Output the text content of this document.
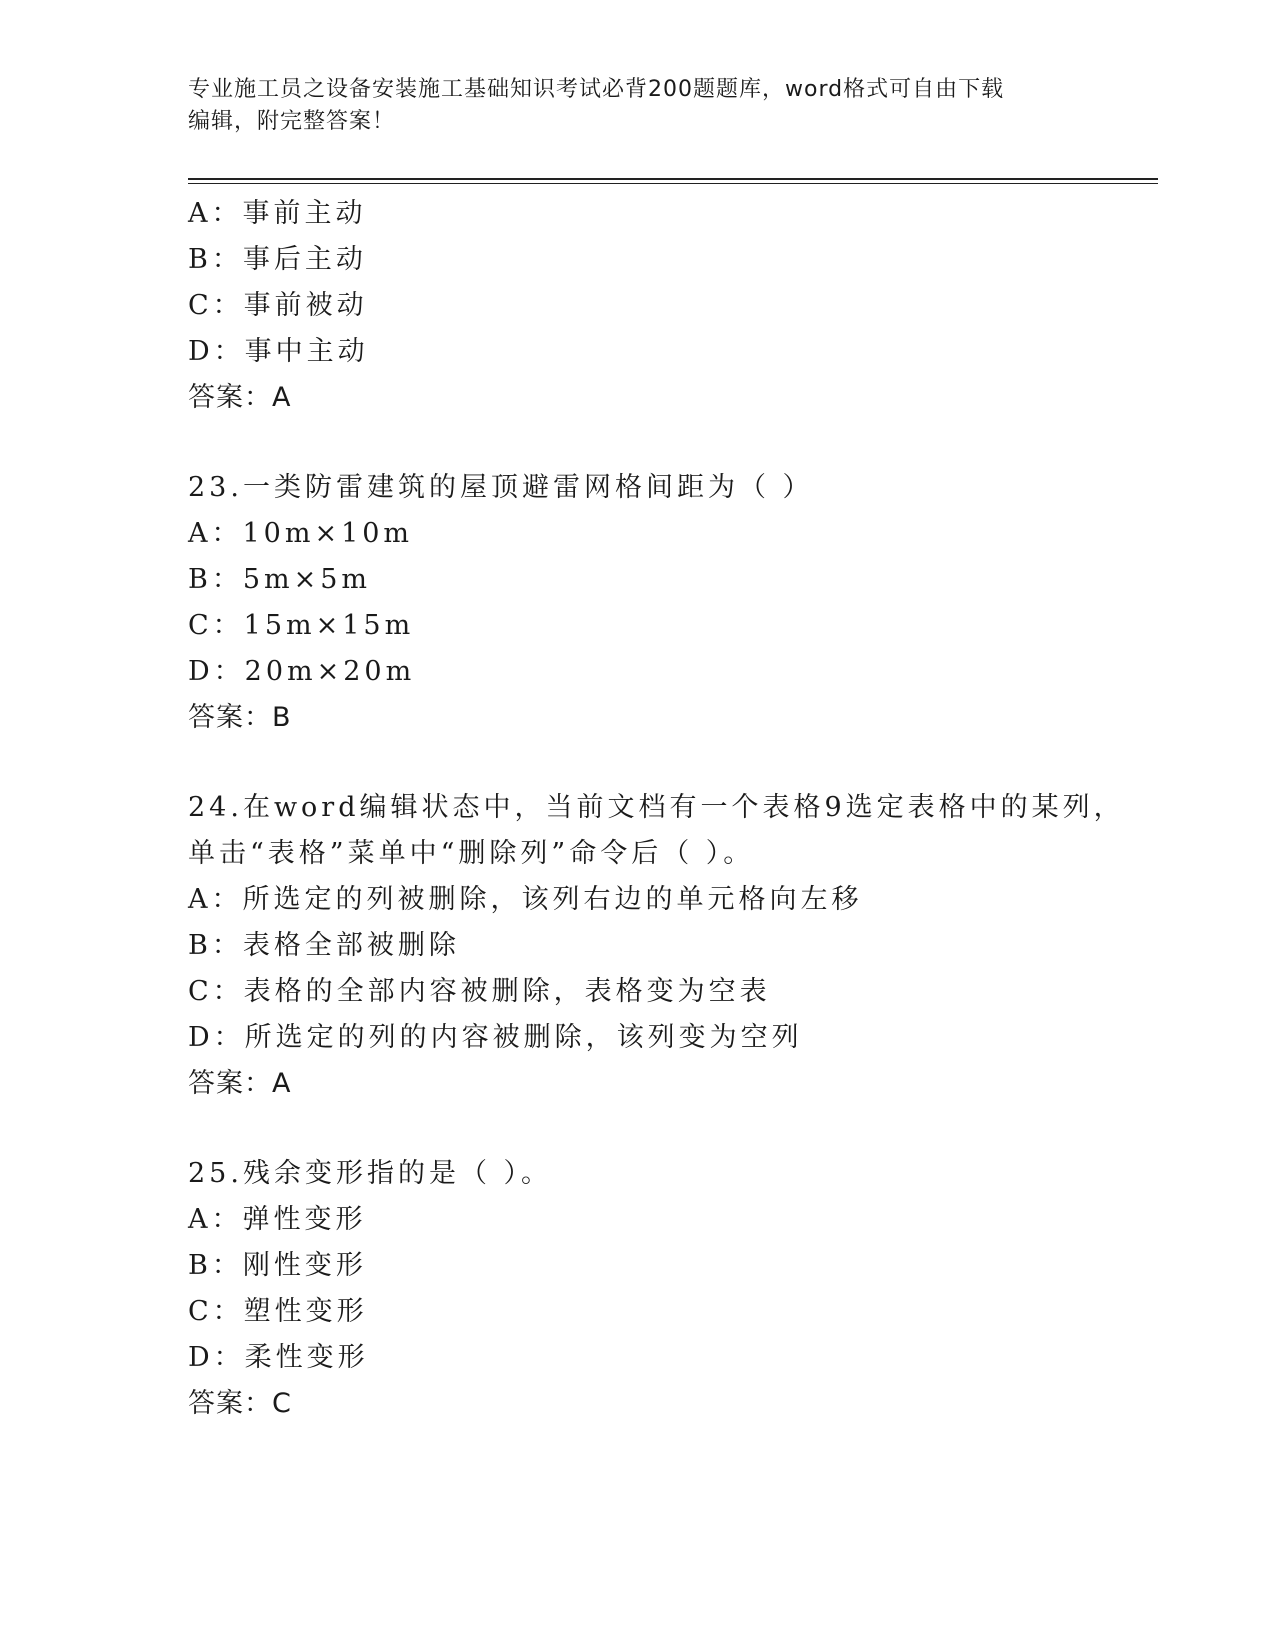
专业施工员之设备安装施工基础知识考试必背200题题库，word格式可自由下载
编辑，附完整答案！
A：事前主动
B：事后主动
C：事前被动
D：事中主动
答案：A
23.一类防雷建筑的屋顶避雷网格间距为（ ）
A：10m×10m
B：5m×5m
C：15m×15m
D：20m×20m
答案：B
24.在word编辑状态中，当前文档有一个表格9选定表格中的某列，
单击“表格”菜单中“删除列”命令后（ ）。
A：所选定的列被删除，该列右边的单元格向左移
B：表格全部被删除
C：表格的全部内容被删除，表格变为空表
D：所选定的列的内容被删除，该列变为空列
答案：A
25.残余变形指的是（ ）。
A：弹性变形
B：刚性变形
C：塑性变形
D：柔性变形
答案：C
